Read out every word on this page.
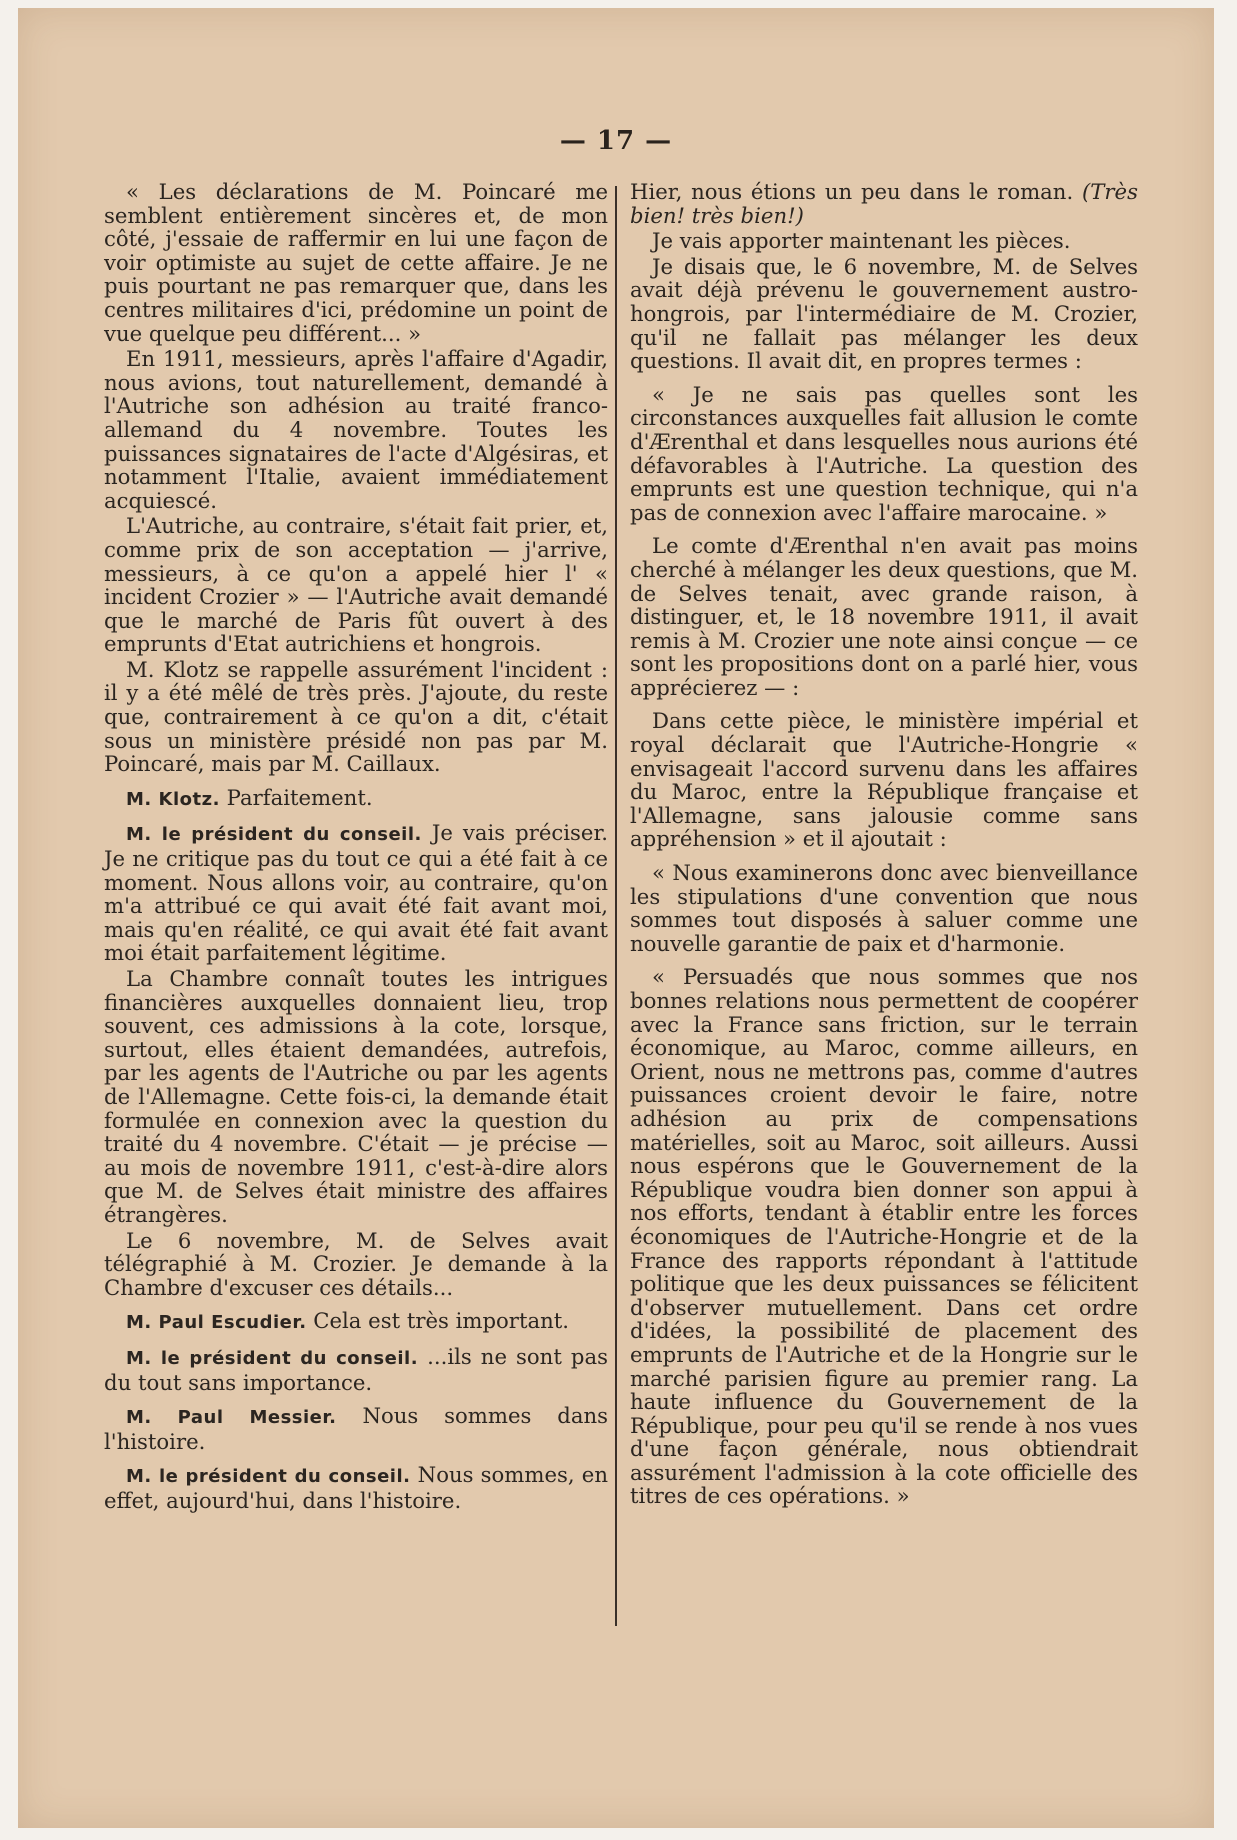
— 17 —

« Les déclarations de M. Poincaré me semblent entièrement sincères et, de mon côté, j'essaie de raffermir en lui une façon de voir optimiste au sujet de cette affaire. Je ne puis pourtant ne pas remarquer que, dans les centres militaires d'ici, prédomine un point de vue quelque peu différent... »

En 1911, messieurs, après l'affaire d'Agadir, nous avions, tout naturellement, demandé à l'Autriche son adhésion au traité franco-allemand du 4 novembre. Toutes les puissances signataires de l'acte d'Algésiras, et notamment l'Italie, avaient immédiatement acquiescé.

L'Autriche, au contraire, s'était fait prier, et, comme prix de son acceptation — j'arrive, messieurs, à ce qu'on a appelé hier l' « incident Crozier » — l'Autriche avait demandé que le marché de Paris fût ouvert à des emprunts d'Etat autrichiens et hongrois.

M. Klotz se rappelle assurément l'incident : il y a été mêlé de très près. J'ajoute, du reste que, contrairement à ce qu'on a dit, c'était sous un ministère présidé non pas par M. Poincaré, mais par M. Caillaux.

M. Klotz. Parfaitement.

M. le président du conseil. Je vais préciser. Je ne critique pas du tout ce qui a été fait à ce moment. Nous allons voir, au contraire, qu'on m'a attribué ce qui avait été fait avant moi, mais qu'en réalité, ce qui avait été fait avant moi était parfaitement légitime.

La Chambre connaît toutes les intrigues financières auxquelles donnaient lieu, trop souvent, ces admissions à la cote, lorsque, surtout, elles étaient demandées, autrefois, par les agents de l'Autriche ou par les agents de l'Allemagne. Cette fois-ci, la demande était formulée en connexion avec la question du traité du 4 novembre. C'était — je précise — au mois de novembre 1911, c'est-à-dire alors que M. de Selves était ministre des affaires étrangères.

Le 6 novembre, M. de Selves avait télégraphié à M. Crozier. Je demande à la Chambre d'excuser ces détails...

M. Paul Escudier. Cela est très important.

M. le président du conseil. ...ils ne sont pas du tout sans importance.

M. Paul Messier. Nous sommes dans l'histoire.

M. le président du conseil. Nous sommes, en effet, aujourd'hui, dans l'histoire.

Hier, nous étions un peu dans le roman. (Très bien! très bien!)

Je vais apporter maintenant les pièces.

Je disais que, le 6 novembre, M. de Selves avait déjà prévenu le gouvernement austro-hongrois, par l'intermédiaire de M. Crozier, qu'il ne fallait pas mélanger les deux questions. Il avait dit, en propres termes :

« Je ne sais pas quelles sont les circonstances auxquelles fait allusion le comte d'Ærenthal et dans lesquelles nous aurions été défavorables à l'Autriche. La question des emprunts est une question technique, qui n'a pas de connexion avec l'affaire marocaine. »

Le comte d'Ærenthal n'en avait pas moins cherché à mélanger les deux questions, que M. de Selves tenait, avec grande raison, à distinguer, et, le 18 novembre 1911, il avait remis à M. Crozier une note ainsi conçue — ce sont les propositions dont on a parlé hier, vous apprécierez — :

Dans cette pièce, le ministère impérial et royal déclarait que l'Autriche-Hongrie « envisageait l'accord survenu dans les affaires du Maroc, entre la République française et l'Allemagne, sans jalousie comme sans appréhension » et il ajoutait :

« Nous examinerons donc avec bienveillance les stipulations d'une convention que nous sommes tout disposés à saluer comme une nouvelle garantie de paix et d'harmonie.

« Persuadés que nous sommes que nos bonnes relations nous permettent de coopérer avec la France sans friction, sur le terrain économique, au Maroc, comme ailleurs, en Orient, nous ne mettrons pas, comme d'autres puissances croient devoir le faire, notre adhésion au prix de compensations matérielles, soit au Maroc, soit ailleurs. Aussi nous espérons que le Gouvernement de la République voudra bien donner son appui à nos efforts, tendant à établir entre les forces économiques de l'Autriche-Hongrie et de la France des rapports répondant à l'attitude politique que les deux puissances se félicitent d'observer mutuellement. Dans cet ordre d'idées, la possibilité de placement des emprunts de l'Autriche et de la Hongrie sur le marché parisien figure au premier rang. La haute influence du Gouvernement de la République, pour peu qu'il se rende à nos vues d'une façon générale, nous obtiendrait assurément l'admission à la cote officielle des titres de ces opérations. »
